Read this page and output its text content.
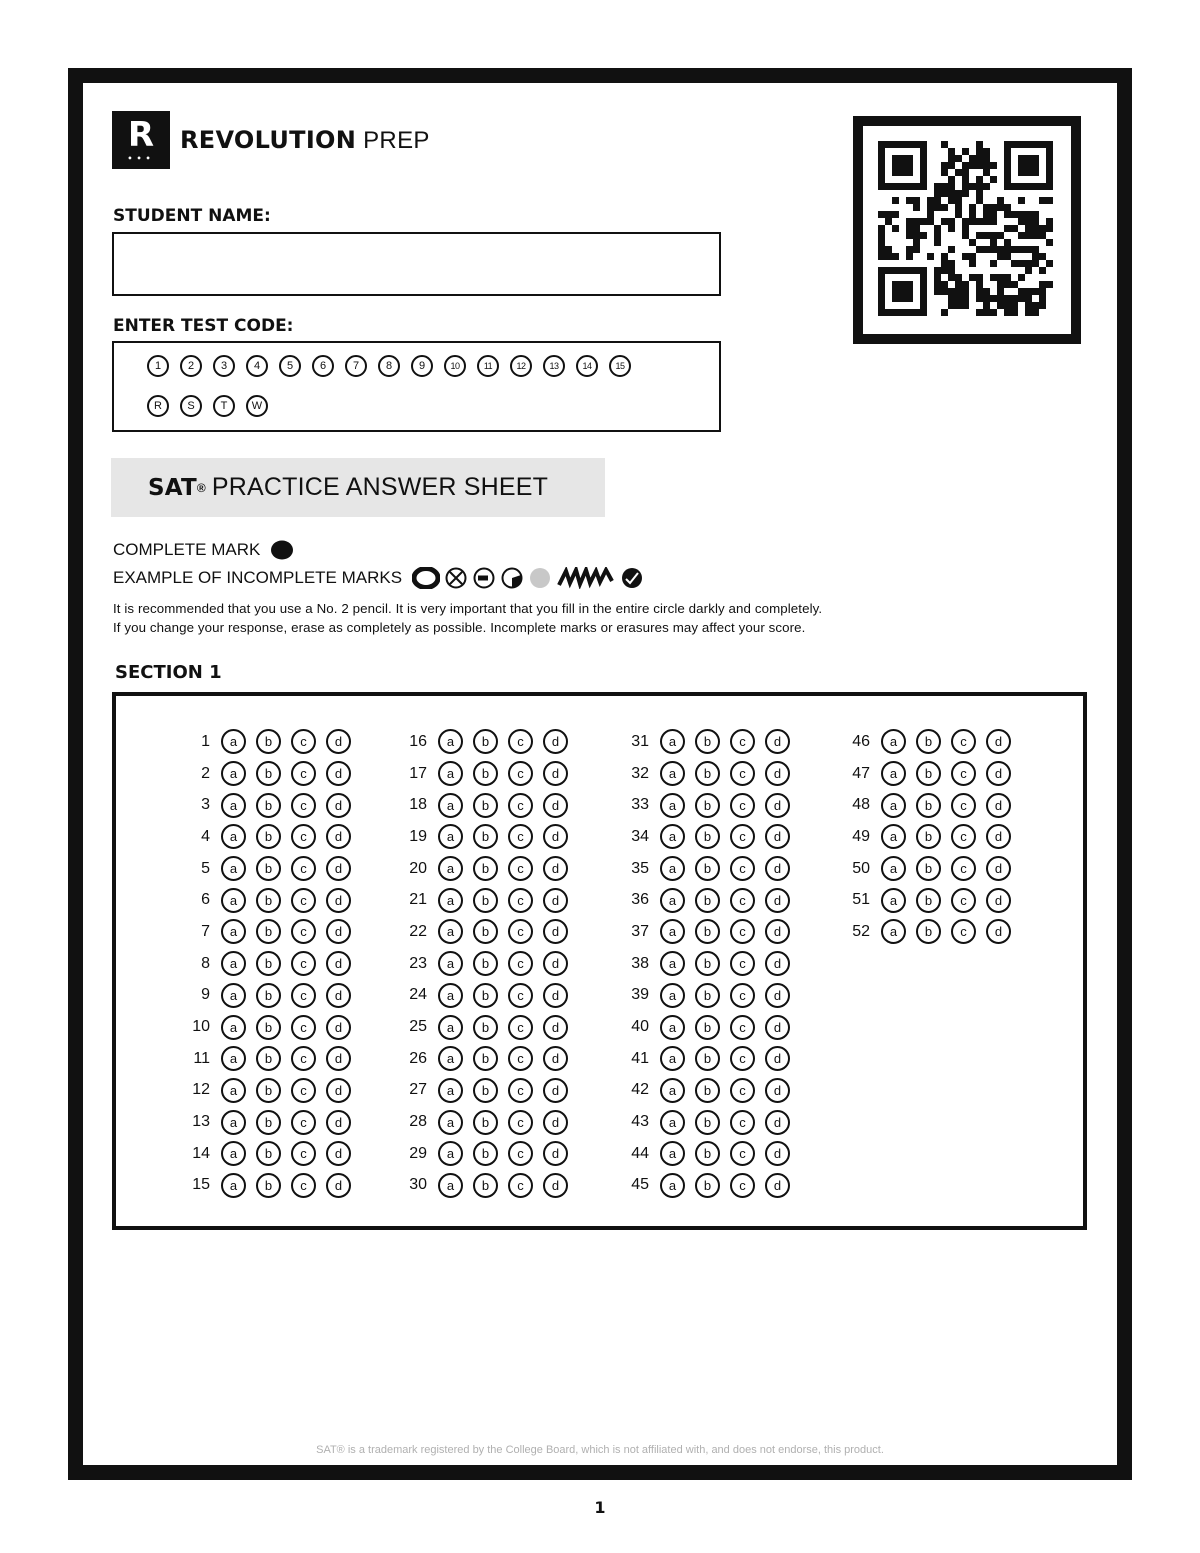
R
•••
REVOLUTION PREP
STUDENT NAME:
ENTER TEST CODE:
1	2	3	4	5	6	7	8	9	10	11	12	13	14	15
R	S	T	W
SAT ® PRACTICE ANSWER SHEET
COMPLETE MARK
EXAMPLE OF INCOMPLETE MARKS
It is recommended that you use a No. 2 pencil. It is very important that you fill in the entire circle darkly and completely.
If you change your response, erase as completely as possible. Incomplete marks or erasures may affect your score.
SECTION 1
1	a	b	c	d
2	a	b	c	d
3	a	b	c	d
4	a	b	c	d
5	a	b	c	d
6	a	b	c	d
7	a	b	c	d
8	a	b	c	d
9	a	b	c	d
10	a	b	c	d
11	a	b	c	d
12	a	b	c	d
13	a	b	c	d
14	a	b	c	d
15	a	b	c	d
16	a	b	c	d
17	a	b	c	d
18	a	b	c	d
19	a	b	c	d
20	a	b	c	d
21	a	b	c	d
22	a	b	c	d
23	a	b	c	d
24	a	b	c	d
25	a	b	c	d
26	a	b	c	d
27	a	b	c	d
28	a	b	c	d
29	a	b	c	d
30	a	b	c	d
31	a	b	c	d
32	a	b	c	d
33	a	b	c	d
34	a	b	c	d
35	a	b	c	d
36	a	b	c	d
37	a	b	c	d
38	a	b	c	d
39	a	b	c	d
40	a	b	c	d
41	a	b	c	d
42	a	b	c	d
43	a	b	c	d
44	a	b	c	d
45	a	b	c	d
46	a	b	c	d
47	a	b	c	d
48	a	b	c	d
49	a	b	c	d
50	a	b	c	d
51	a	b	c	d
52	a	b	c	d
SAT® is a trademark registered by the College Board, which is not affiliated with, and does not endorse, this product.
1
